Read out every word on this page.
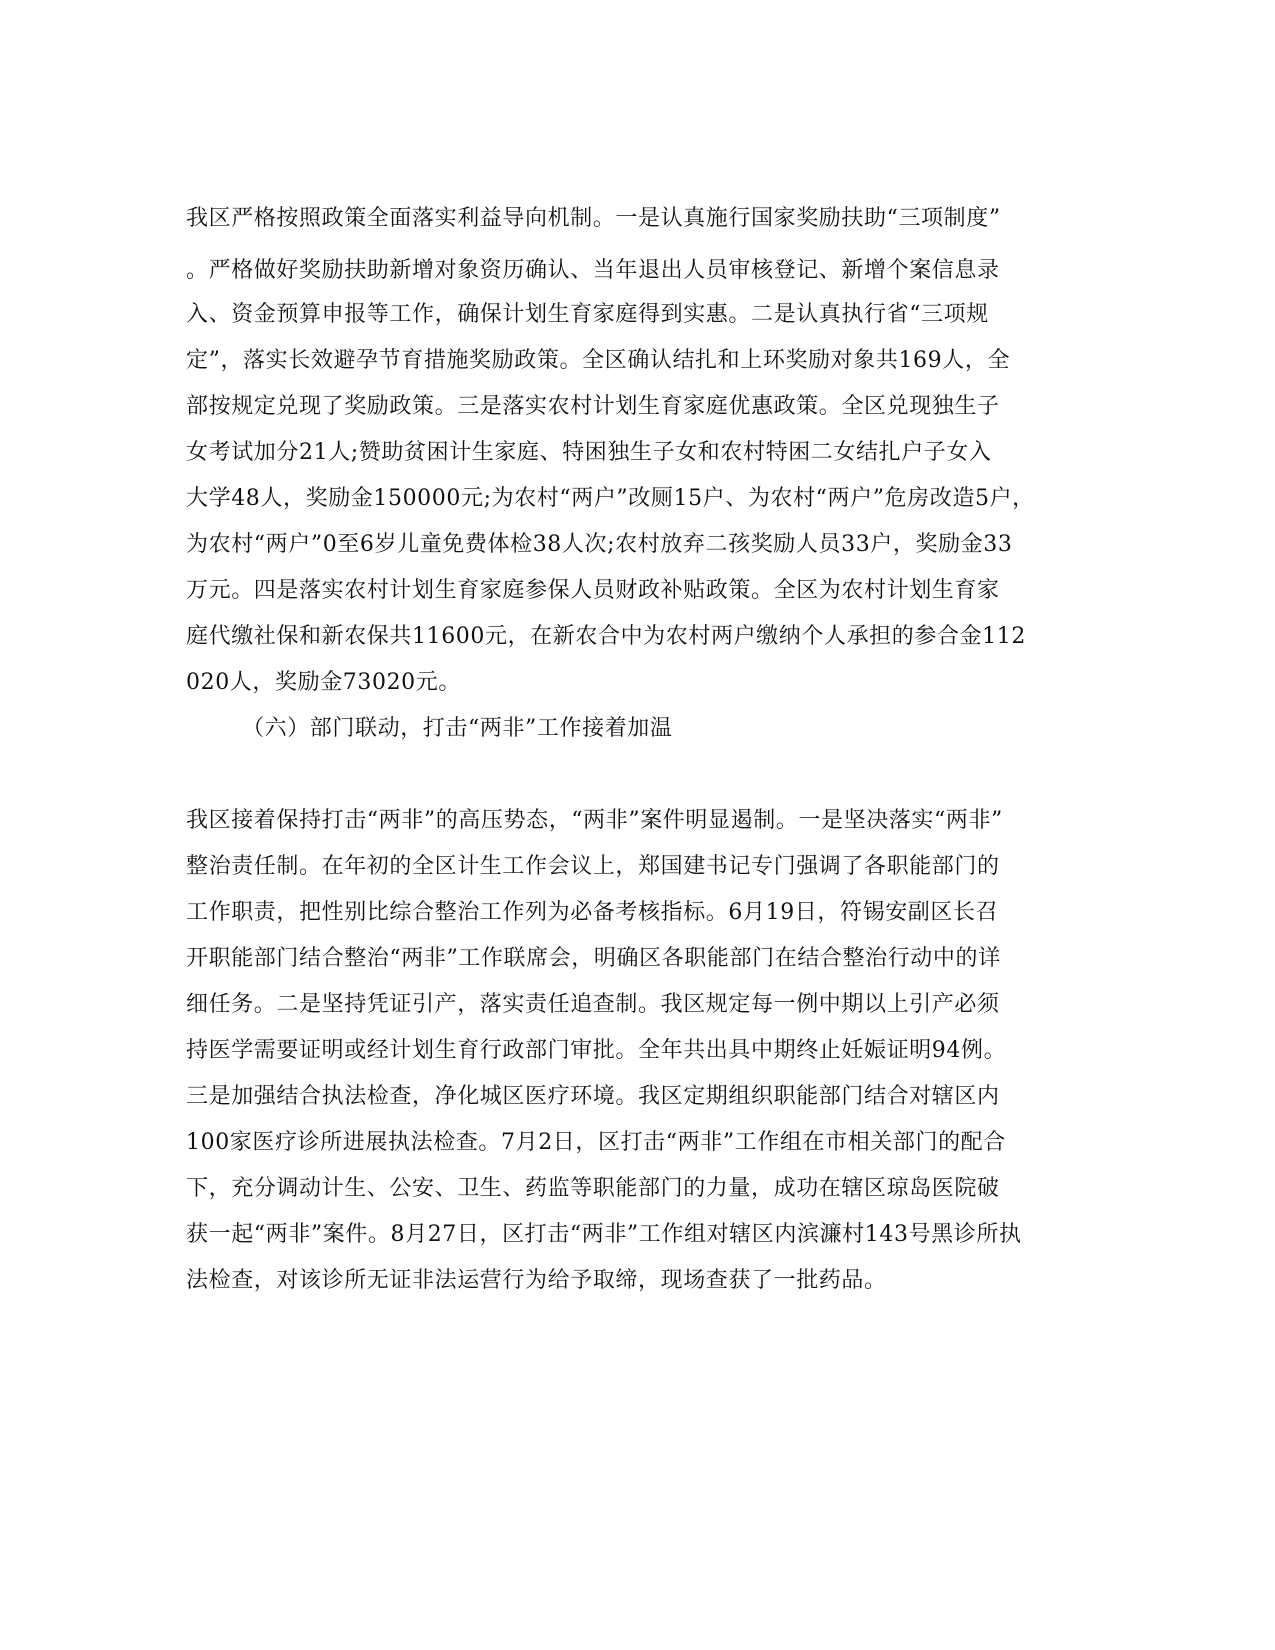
我区严格按照政策全面落实利益导向机制。一是认真施行国家奖励扶助“三项制度”
。严格做好奖励扶助新增对象资历确认、当年退出人员审核登记、新增个案信息录
入、资金预算申报等工作，确保计划生育家庭得到实惠。二是认真执行省“三项规
定”，落实长效避孕节育措施奖励政策。全区确认结扎和上环奖励对象共169人，全
部按规定兑现了奖励政策。三是落实农村计划生育家庭优惠政策。全区兑现独生子
女考试加分21人;赞助贫困计生家庭、特困独生子女和农村特困二女结扎户子女入
大学48人，奖励金150000元;为农村“两户”改厕15户、为农村“两户”危房改造5户，
为农村“两户”0至6岁儿童免费体检38人次;农村放弃二孩奖励人员33户，奖励金33
万元。四是落实农村计划生育家庭参保人员财政补贴政策。全区为农村计划生育家
庭代缴社保和新农保共11600元，在新农合中为农村两户缴纳个人承担的参合金112
020人，奖励金73020元。
（六）部门联动，打击“两非”工作接着加温
我区接着保持打击“两非”的高压势态，“两非”案件明显遏制。一是坚决落实“两非”
整治责任制。在年初的全区计生工作会议上，郑国建书记专门强调了各职能部门的
工作职责，把性别比综合整治工作列为必备考核指标。6月19日，符锡安副区长召
开职能部门结合整治“两非”工作联席会，明确区各职能部门在结合整治行动中的详
细任务。二是坚持凭证引产，落实责任追查制。我区规定每一例中期以上引产必须
持医学需要证明或经计划生育行政部门审批。全年共出具中期终止妊娠证明94例。
三是加强结合执法检查，净化城区医疗环境。我区定期组织职能部门结合对辖区内
100家医疗诊所进展执法检查。7月2日，区打击“两非”工作组在市相关部门的配合
下，充分调动计生、公安、卫生、药监等职能部门的力量，成功在辖区琼岛医院破
获一起“两非”案件。8月27日，区打击“两非”工作组对辖区内滨濂村143号黑诊所执
法检查，对该诊所无证非法运营行为给予取缔，现场查获了一批药品。
